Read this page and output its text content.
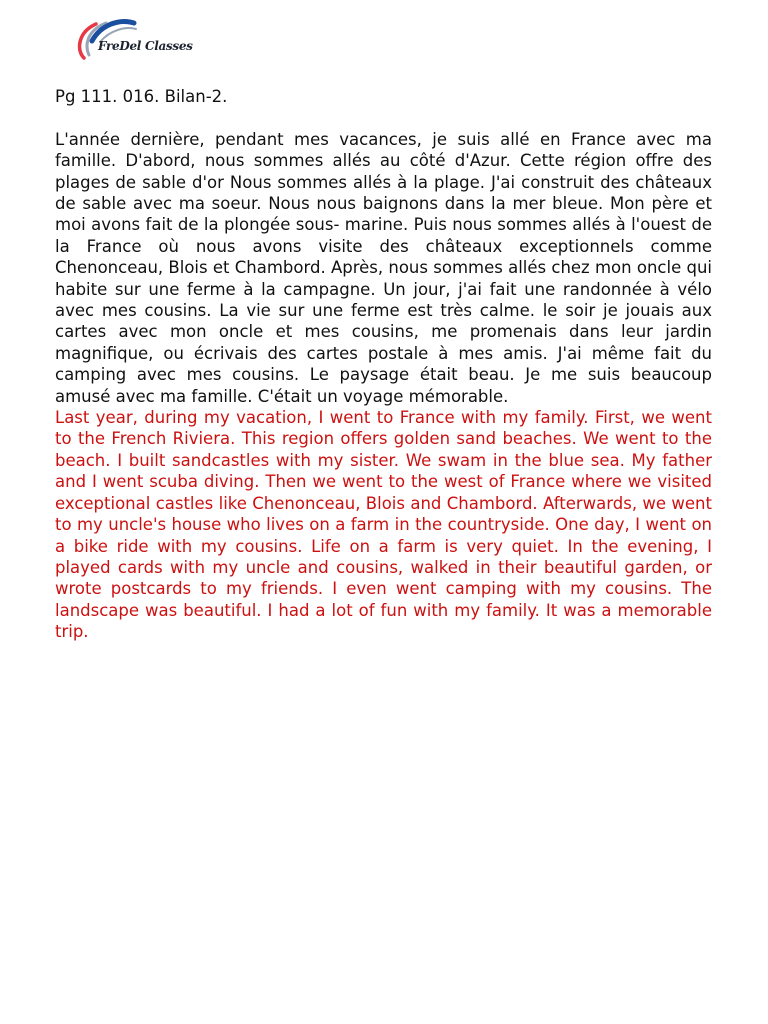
FreDel Classes

Pg 111. 016. Bilan-2.

L'année dernière, pendant mes vacances, je suis allé en France avec ma famille. D'abord, nous sommes allés au côté d'Azur. Cette région offre des plages de sable d'or Nous sommes allés à la plage. J'ai construit des châteaux de sable avec ma soeur. Nous nous baignons dans la mer bleue. Mon père et moi avons fait de la plongée sous- marine. Puis nous sommes allés à l'ouest de la France où nous avons visite des châteaux exceptionnels comme Chenonceau, Blois et Chambord. Après, nous sommes allés chez mon oncle qui habite sur une ferme à la campagne. Un jour, j'ai fait une randonnée à vélo avec mes cousins. La vie sur une ferme est très calme. le soir je jouais aux cartes avec mon oncle et mes cousins, me promenais dans leur jardin magnifique, ou écrivais des cartes postale à mes amis. J'ai même fait du camping avec mes cousins. Le paysage était beau. Je me suis beaucoup amusé avec ma famille. C'était un voyage mémorable.

Last year, during my vacation, I went to France with my family. First, we went to the French Riviera. This region offers golden sand beaches. We went to the beach. I built sandcastles with my sister. We swam in the blue sea. My father and I went scuba diving. Then we went to the west of France where we visited exceptional castles like Chenonceau, Blois and Chambord. Afterwards, we went to my uncle's house who lives on a farm in the countryside. One day, I went on a bike ride with my cousins. Life on a farm is very quiet. In the evening, I played cards with my uncle and cousins, walked in their beautiful garden, or wrote postcards to my friends. I even went camping with my cousins. The landscape was beautiful. I had a lot of fun with my family. It was a memorable trip.
